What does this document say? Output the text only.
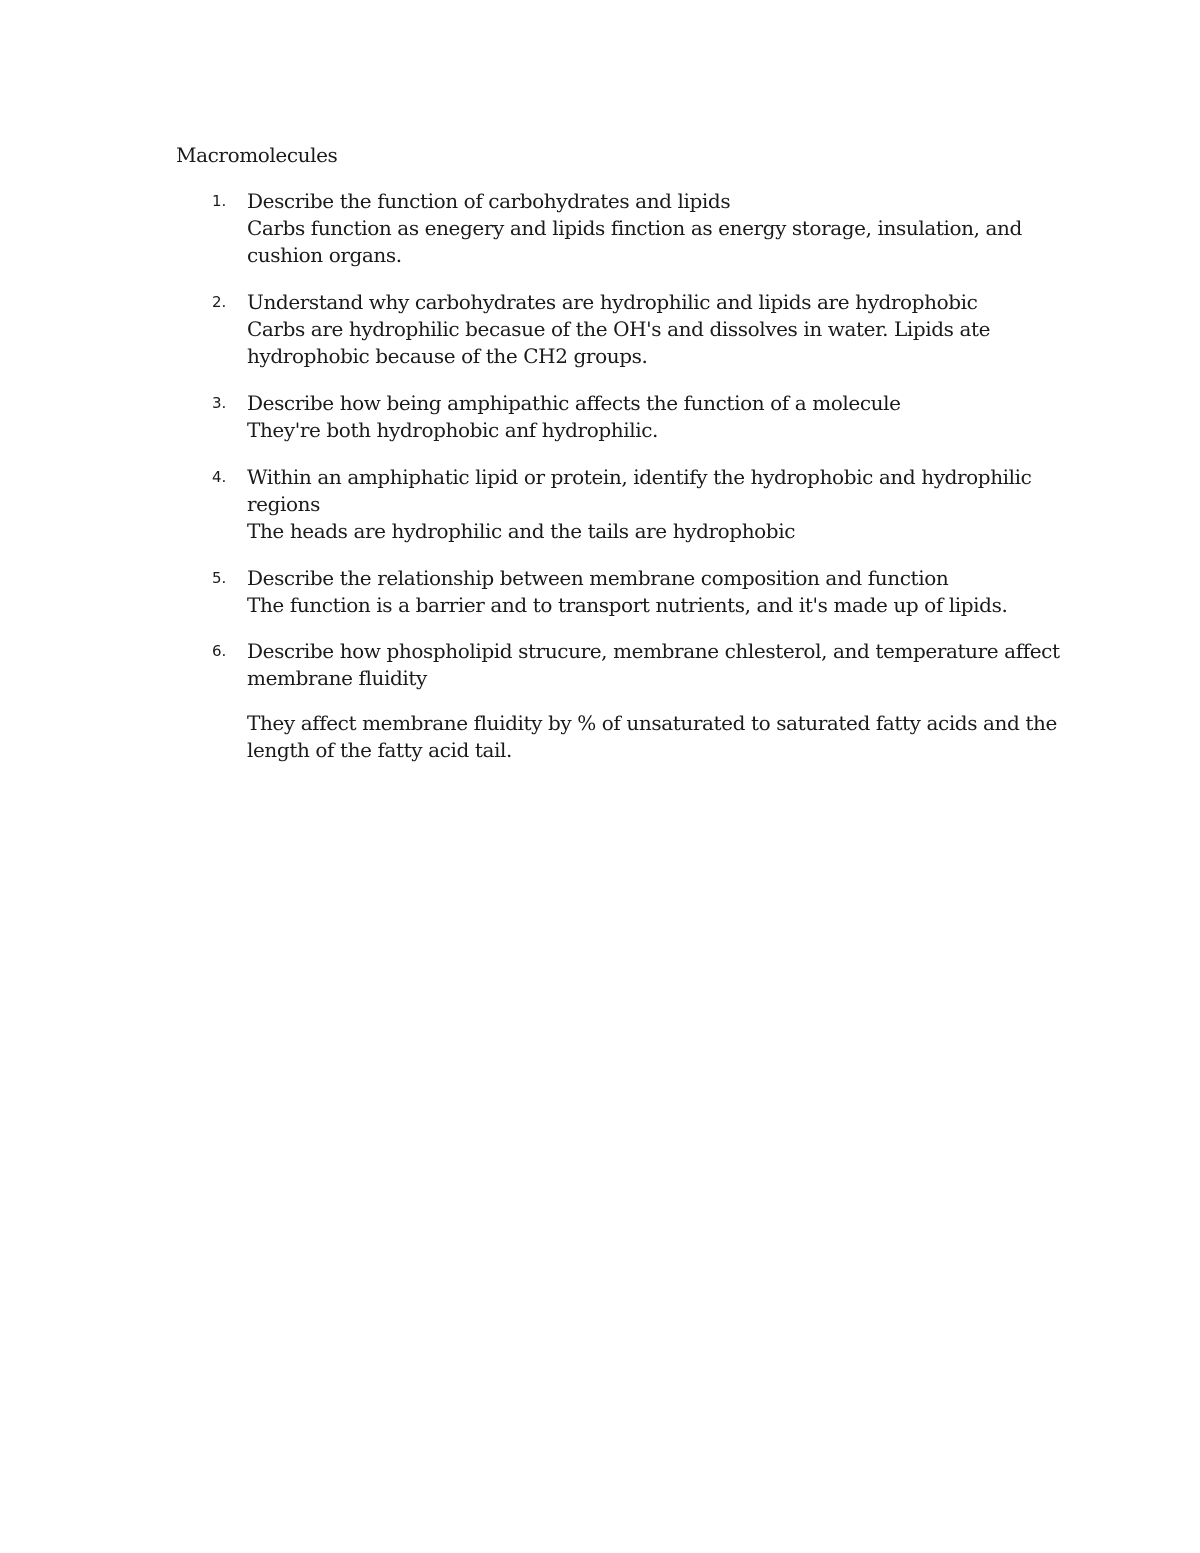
Macromolecules
1.	Describe the function of carbohydrates and lipids
Carbs function as enegery and lipids finction as energy storage, insulation, and
cushion organs.
2.	Understand why carbohydrates are hydrophilic and lipids are hydrophobic
Carbs are hydrophilic becasue of the OH's and dissolves in water. Lipids ate
hydrophobic because of the CH2 groups.
3.	Describe how being amphipathic affects the function of a molecule
They're both hydrophobic anf hydrophilic.
4.	Within an amphiphatic lipid or protein, identify the hydrophobic and hydrophilic
regions
The heads are hydrophilic and the tails are hydrophobic
5.	Describe the relationship between membrane composition and function
The function is a barrier and to transport nutrients, and it's made up of lipids.
6.	Describe how phospholipid strucure, membrane chlesterol, and temperature affect
membrane fluidity
They affect membrane fluidity by % of unsaturated to saturated fatty acids and the
length of the fatty acid tail.
